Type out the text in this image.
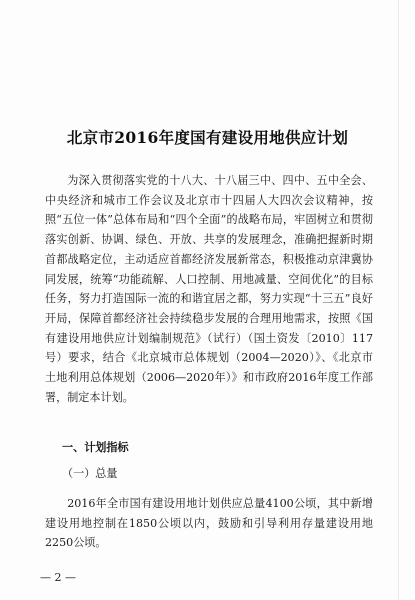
北京市2016年度国有建设用地供应计划

为深入贯彻落实党的十八大、十八届三中、四中、五中全会、中央经济和城市工作会议及北京市十四届人大四次会议精神，按照“五位一体”总体布局和“四个全面”的战略布局，牢固树立和贯彻落实创新、协调、绿色、开放、共享的发展理念，准确把握新时期首都战略定位，主动适应首都经济发展新常态，积极推动京津冀协同发展，统筹“功能疏解、人口控制、用地减量、空间优化”的目标任务，努力打造国际一流的和谐宜居之都，努力实现“十三五”良好开局，保障首都经济社会持续稳步发展的合理用地需求，按照《国有建设用地供应计划编制规范》（试行）（国土资发〔2010〕117号）要求，结合《北京城市总体规划（2004—2020）》、《北京市土地利用总体规划（2006—2020年）》和市政府2016年度工作部署，制定本计划。

一、计划指标

（一）总量

2016年全市国有建设用地计划供应总量4100公顷，其中新增建设用地控制在1850公顷以内，鼓励和引导利用存量建设用地2250公顷。

— 2 —
